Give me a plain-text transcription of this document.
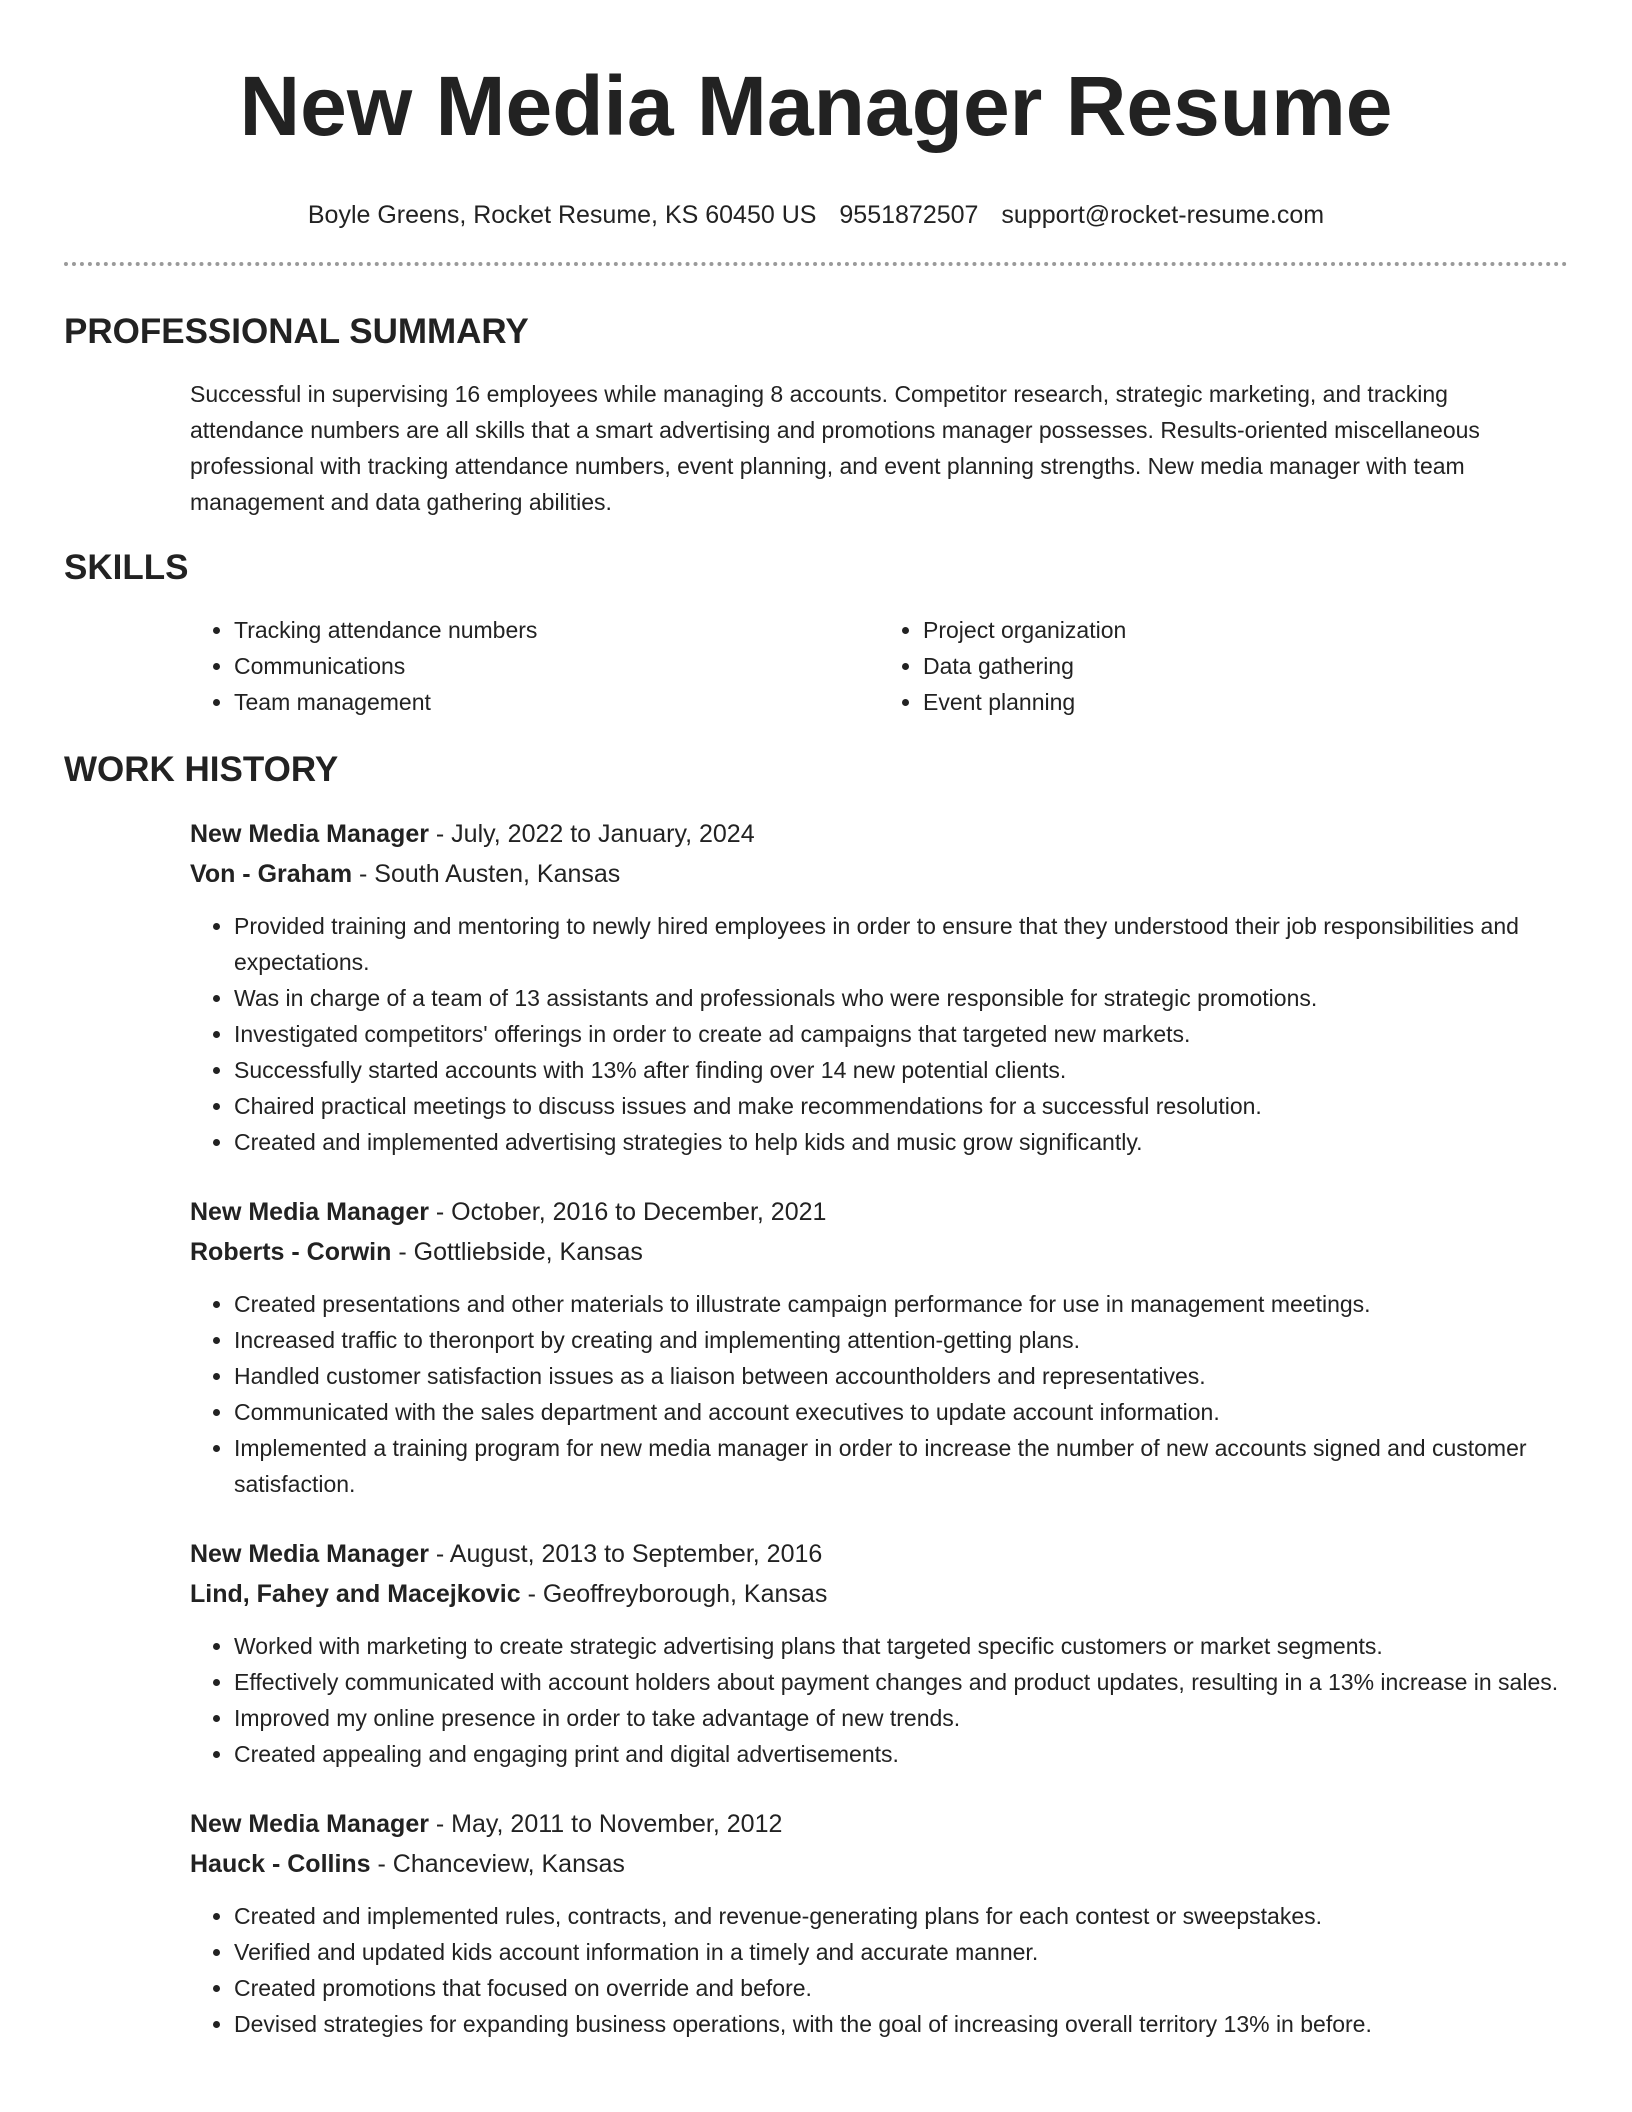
New Media Manager Resume
Boyle Greens, Rocket Resume, KS 60450 US 9551872507 support@rocket-resume.com
PROFESSIONAL SUMMARY

Successful in supervising 16 employees while managing 8 accounts. Competitor research, strategic marketing, and tracking attendance numbers are all skills that a smart advertising and promotions manager possesses. Results-oriented miscellaneous professional with tracking attendance numbers, event planning, and event planning strengths. New media manager with team management and data gathering abilities.

SKILLS
• Tracking attendance numbers
• Communications
• Team management
• Project organization
• Data gathering
• Event planning
WORK HISTORY
New Media Manager - July, 2022 to January, 2024
Von - Graham - South Austen, Kansas
• Provided training and mentoring to newly hired employees in order to ensure that they understood their job responsibilities and expectations.
• Was in charge of a team of 13 assistants and professionals who were responsible for strategic promotions.
• Investigated competitors' offerings in order to create ad campaigns that targeted new markets.
• Successfully started accounts with 13% after finding over 14 new potential clients.
• Chaired practical meetings to discuss issues and make recommendations for a successful resolution.
• Created and implemented advertising strategies to help kids and music grow significantly.
New Media Manager - October, 2016 to December, 2021
Roberts - Corwin - Gottliebside, Kansas
• Created presentations and other materials to illustrate campaign performance for use in management meetings.
• Increased traffic to theronport by creating and implementing attention-getting plans.
• Handled customer satisfaction issues as a liaison between accountholders and representatives.
• Communicated with the sales department and account executives to update account information.
• Implemented a training program for new media manager in order to increase the number of new accounts signed and customer satisfaction.
New Media Manager - August, 2013 to September, 2016
Lind, Fahey and Macejkovic - Geoffreyborough, Kansas
• Worked with marketing to create strategic advertising plans that targeted specific customers or market segments.
• Effectively communicated with account holders about payment changes and product updates, resulting in a 13% increase in sales.
• Improved my online presence in order to take advantage of new trends.
• Created appealing and engaging print and digital advertisements.
New Media Manager - May, 2011 to November, 2012
Hauck - Collins - Chanceview, Kansas
• Created and implemented rules, contracts, and revenue-generating plans for each contest or sweepstakes.
• Verified and updated kids account information in a timely and accurate manner.
• Created promotions that focused on override and before.
• Devised strategies for expanding business operations, with the goal of increasing overall territory 13% in before.
